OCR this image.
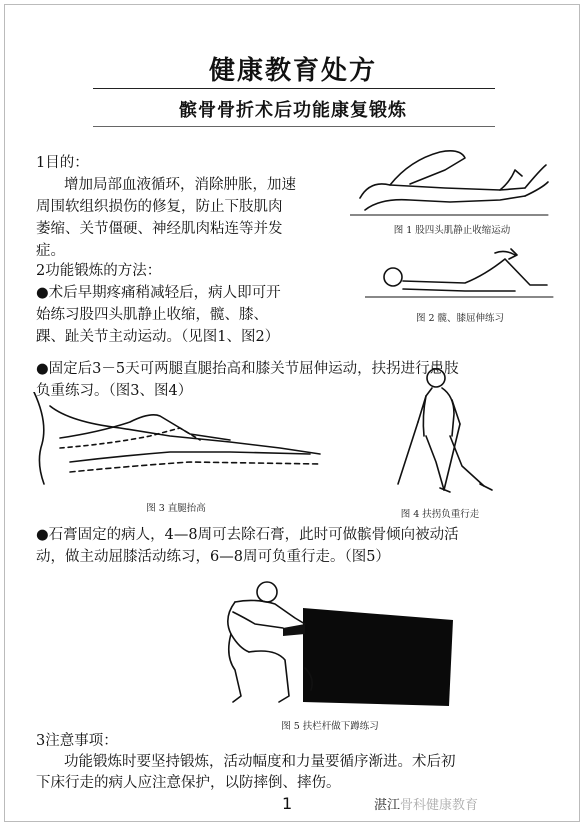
健康教育处方
髌骨骨折术后功能康复锻炼
1目的：
增加局部血液循环，消除肿胀，加速
周围软组织损伤的修复，防止下肢肌肉
萎缩、关节僵硬、神经肌肉粘连等并发
症。
2功能锻炼的方法：
●术后早期疼痛稍减轻后，病人即可开
始练习股四头肌静止收缩，髋、膝、
踝、趾关节主动运动。（见图1、图2）
●固定后3－5天可两腿直腿抬高和膝关节屈伸运动，扶拐进行患肢
负重练习。（图3、图4）
图 1 股四头肌静止收缩运动
图 2 髋、膝屈伸练习
图 3 直腿抬高
图 4 扶拐负重行走
●石膏固定的病人，4—8周可去除石膏，此时可做髌骨倾向被动活
动，做主动屈膝活动练习，6—8周可负重行走。（图5）
图 5 扶栏杆做下蹲练习
3注意事项：
功能锻炼时要坚持锻炼，活动幅度和力量要循序渐进。术后初
下床行走的病人应注意保护，以防摔倒、摔伤。
1	湛江骨科健康教育
